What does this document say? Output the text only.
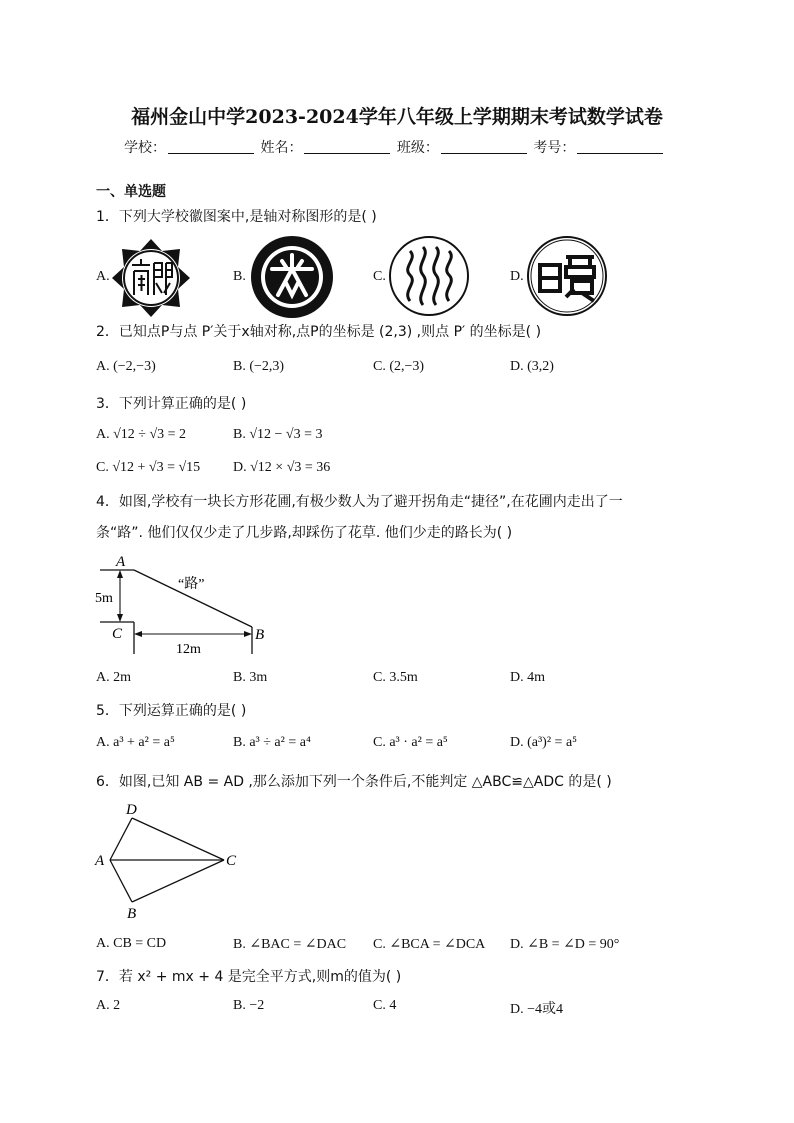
福州金山中学2023-2024学年八年级上学期期末考试数学试卷
学校：	姓名：	班级：	考号：
一、单选题
1．下列大学校徽图案中,是轴对称图形的是( )
A.	B.	C.	D.
2．已知点P与点 P′关于x轴对称,点P的坐标是 (2,3) ,则点 P′ 的坐标是( )
A. (−2,−3)	B. (−2,3)	C. (2,−3)	D. (3,2)
3．下列计算正确的是( )
A. √12 ÷ √3 = 2	B. √12 − √3 = 3
C. √12 + √3 = √15 D. √12 × √3 = 36
4．如图,学校有一块长方形花圃,有极少数人为了避开拐角走“捷径”,在花圃内走出了一
条“路”. 他们仅仅少走了几步路,却踩伤了花草. 他们少走的路长为( )
A
C	B
5m
12m
“路”
A. 2m	B. 3m	C. 3.5m	D. 4m
5．下列运算正确的是( )
A. a³ + a² = a⁵	B. a³ ÷ a² = a⁴	C. a³ · a² = a⁵	D. (a³)² = a⁵
6．如图,已知 AB = AD ,那么添加下列一个条件后,不能判定 △ABC≌△ADC 的是( )
D
A	C
B
A. CB = CD	B. ∠BAC = ∠DAC C. ∠BCA = ∠DCA D. ∠B = ∠D = 90°
7．若 x² + mx + 4 是完全平方式,则m的值为( )
A. 2	B. −2	C. 4	D. −4或4
